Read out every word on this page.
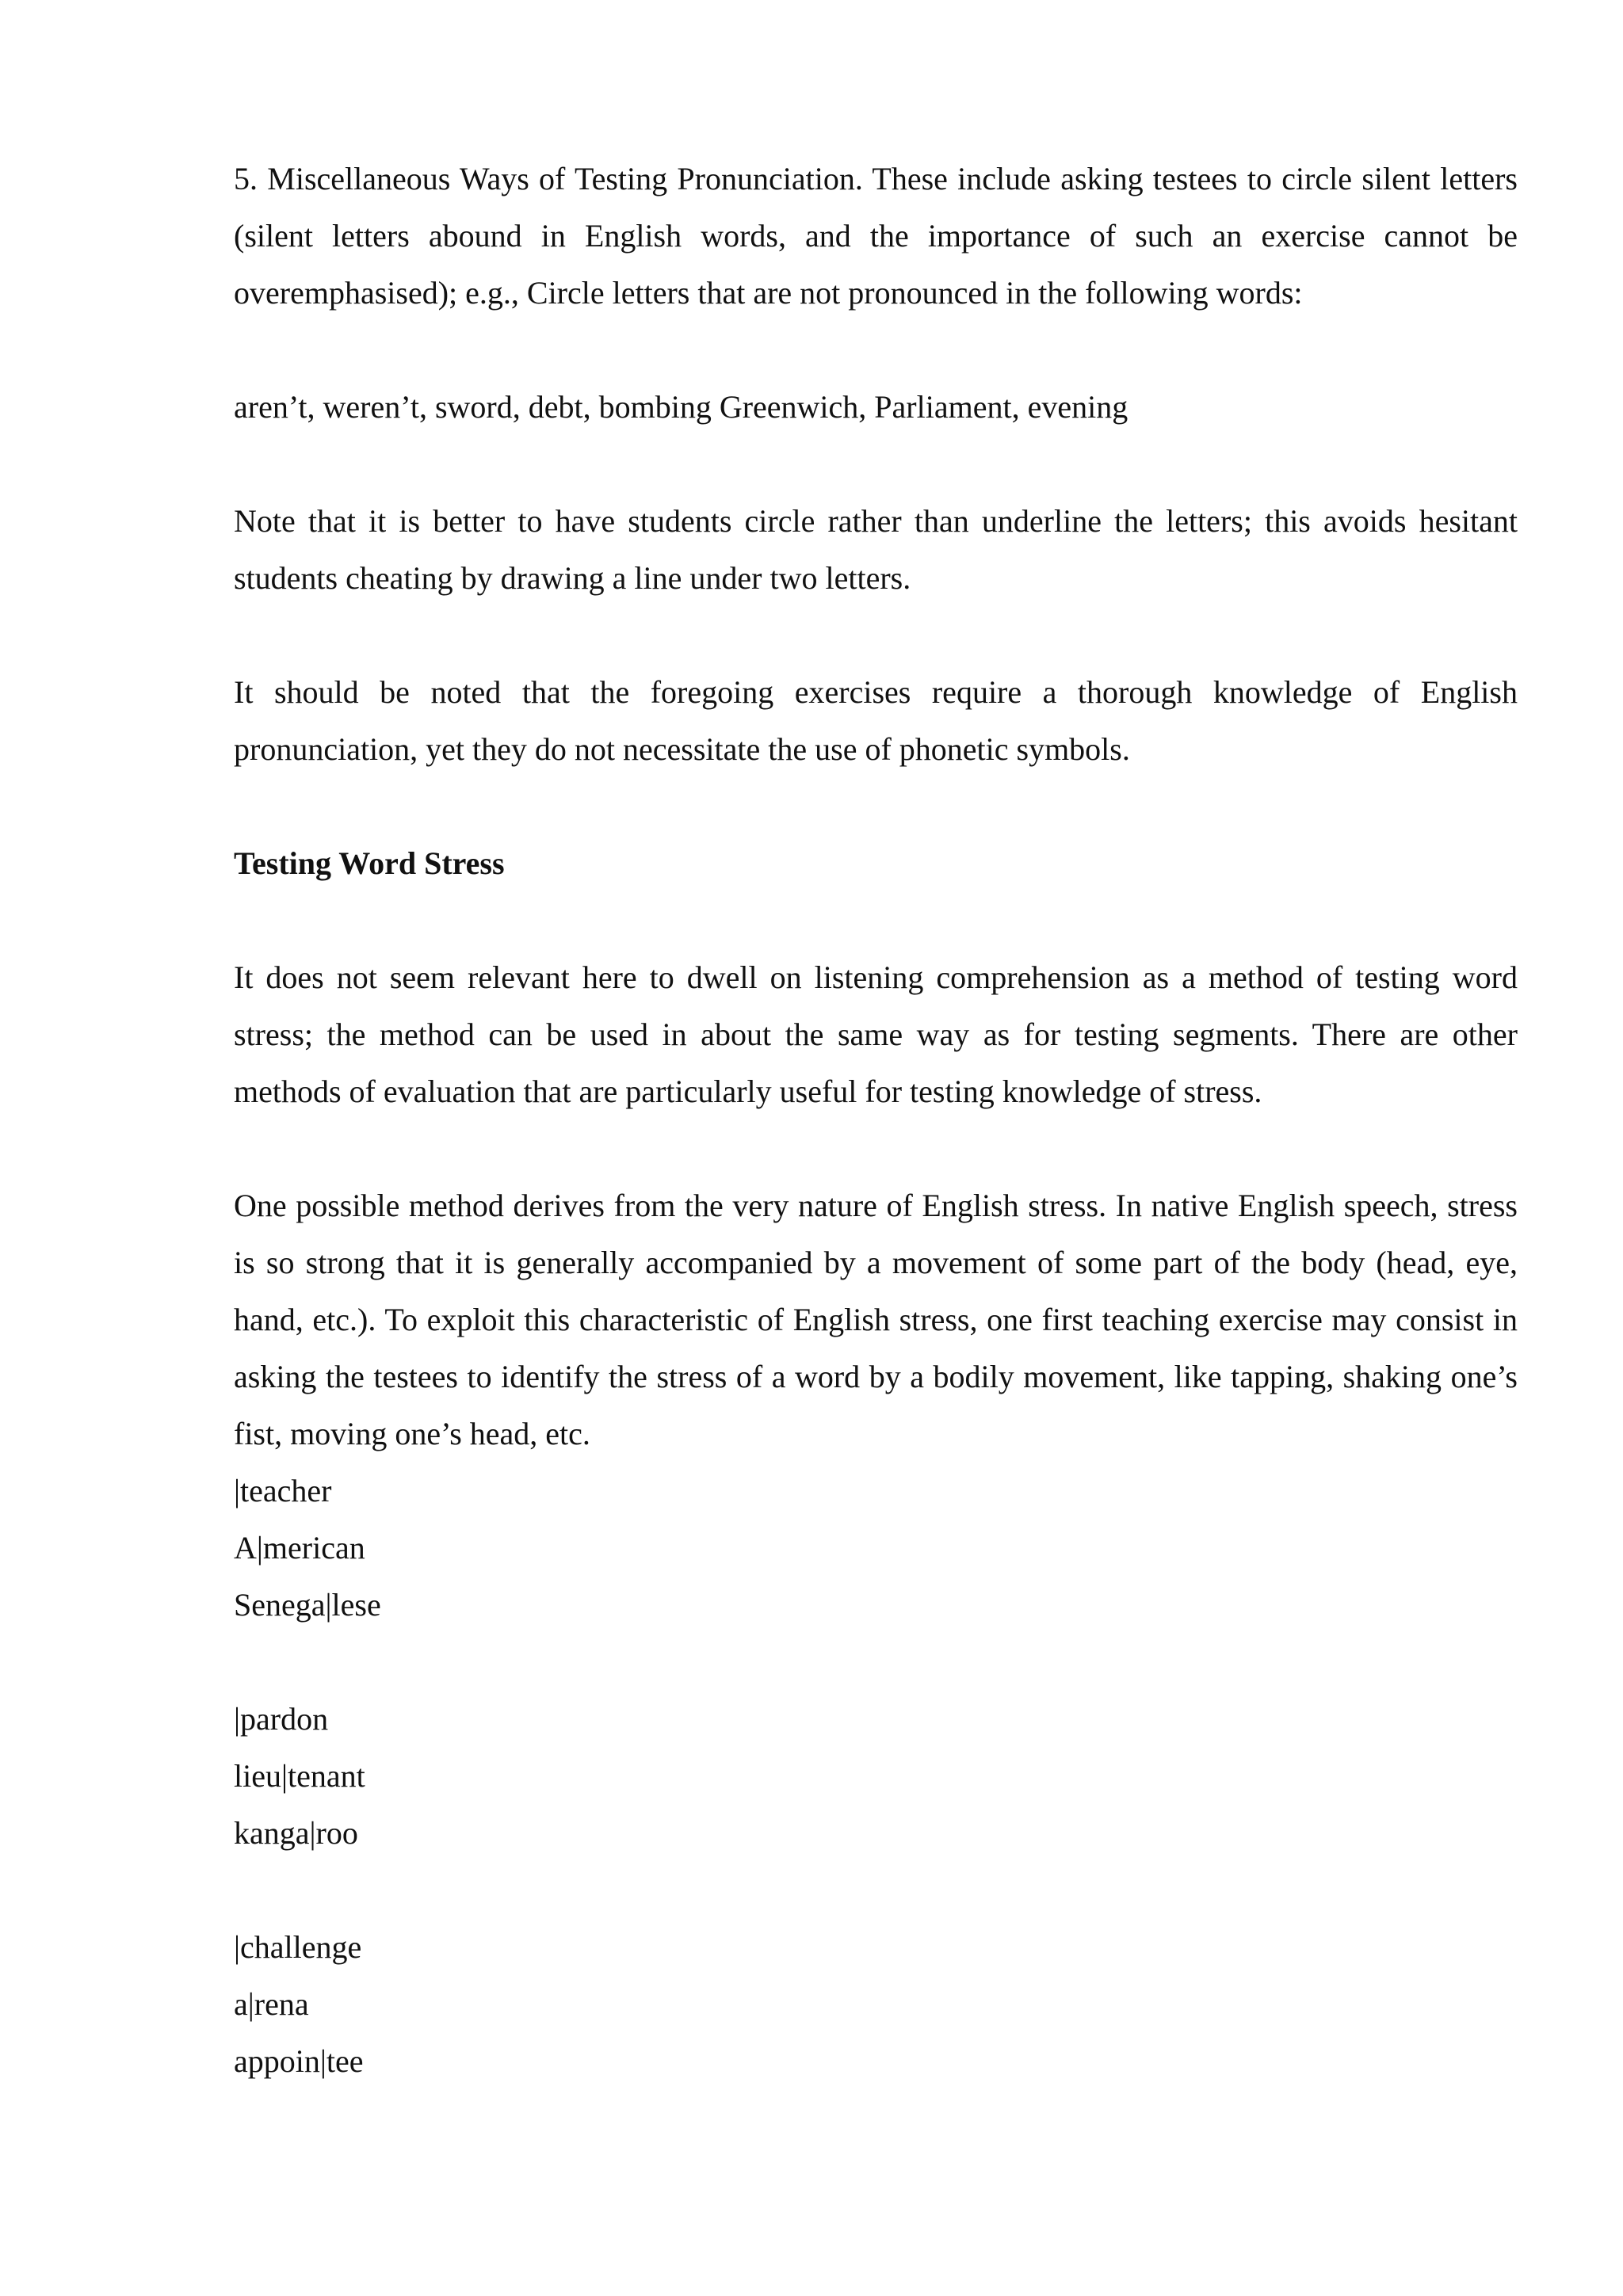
5. Miscellaneous Ways of Testing Pronunciation. These include asking testees to circle silent letters (silent letters abound in English words, and the importance of such an exercise cannot be overemphasised); e.g., Circle letters that are not pronounced in the following words:

aren’t, weren’t, sword, debt, bombing Greenwich, Parliament, evening

Note that it is better to have students circle rather than underline the letters; this avoids hesitant students cheating by drawing a line under two letters.

It should be noted that the foregoing exercises require a thorough knowledge of English pronunciation, yet they do not necessitate the use of phonetic symbols.

Testing Word Stress

It does not seem relevant here to dwell on listening comprehension as a method of testing word stress; the method can be used in about the same way as for testing segments. There are other methods of evaluation that are particularly useful for testing knowledge of stress.

One possible method derives from the very nature of English stress. In native English speech, stress is so strong that it is generally accompanied by a movement of some part of the body (head, eye, hand, etc.). To exploit this characteristic of English stress, one first teaching exercise may consist in asking the testees to identify the stress of a word by a bodily movement, like tapping, shaking one’s fist, moving one’s head, etc.

|teacher

A|merican

Senega|lese

|pardon

lieu|tenant

kanga|roo

|challenge

a|rena

appoin|tee
